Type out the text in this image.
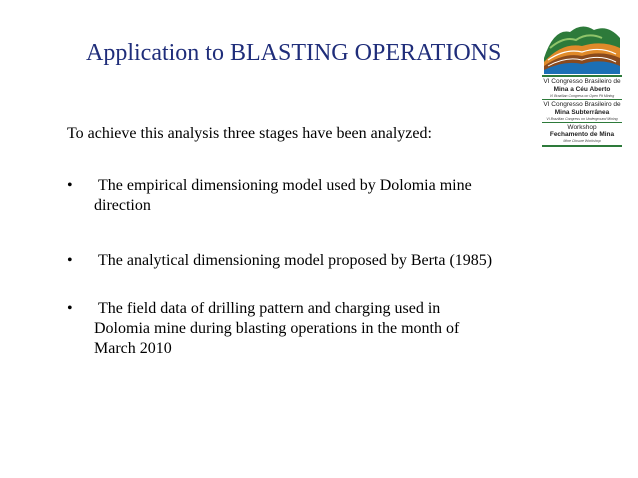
Application to BLASTING OPERATIONS
To achieve this analysis three stages have been analyzed:
•	The empirical dimensioning model used by Dolomia mine
direction
•	The analytical dimensioning model proposed by Berta (1985)
•	The field data of drilling pattern and charging used in
Dolomia mine during blasting operations in the month of
March 2010
VI Congresso Brasileiro de
Mina a Céu Aberto
VI Brazilian Congress on Open Pit Mining
VI Congresso Brasileiro de
Mina Subterrânea
VI Brazilian Congress on Underground Mining
Workshop
Fechamento de Mina
Mine Closure Workshop
